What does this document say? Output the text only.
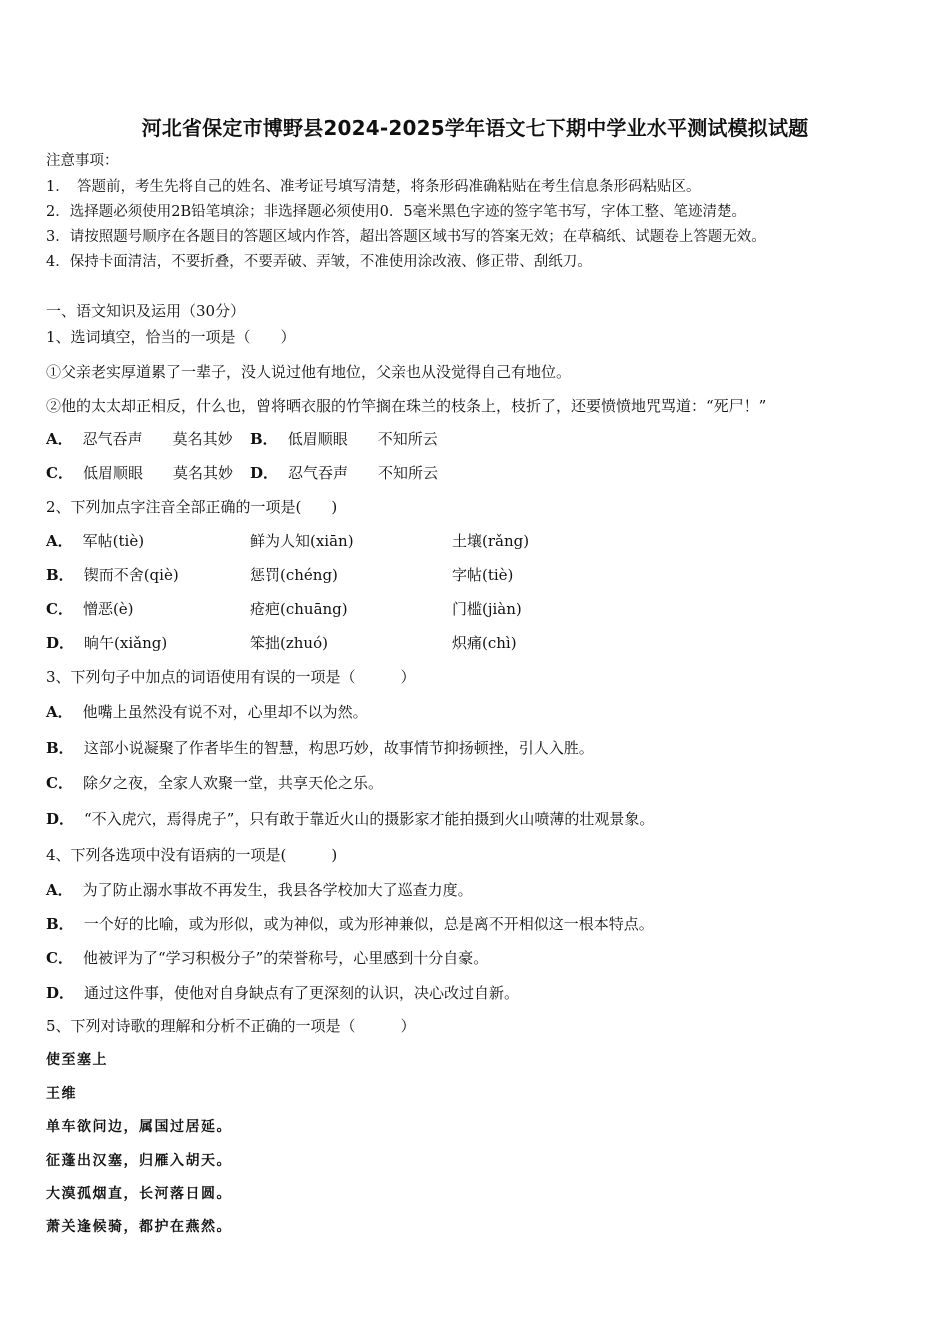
河北省保定市博野县2024-2025学年语文七下期中学业水平测试模拟试题
注意事项：
1．　答题前，考生先将自己的姓名、准考证号填写清楚，将条形码准确粘贴在考生信息条形码粘贴区。
2．选择题必须使用2B铅笔填涂；非选择题必须使用0．5毫米黑色字迹的签字笔书写，字体工整、笔迹清楚。
3．请按照题号顺序在各题目的答题区域内作答，超出答题区域书写的答案无效；在草稿纸、试题卷上答题无效。
4．保持卡面清洁，不要折叠，不要弄破、弄皱，不准使用涂改液、修正带、刮纸刀。
一、语文知识及运用（30分）
1、选词填空，恰当的一项是（　　）
①父亲老实厚道累了一辈子，没人说过他有地位，父亲也从没觉得自己有地位。
②他的太太却正相反，什么也，曾将晒衣服的竹竿搁在珠兰的枝条上，枝折了，还要愤愤地咒骂道：“死尸！”
A． 忍气吞声　　莫名其妙 B． 低眉顺眼　　不知所云
C． 低眉顺眼　　莫名其妙 D． 忍气吞声　　不知所云
2、下列加点字注音全部正确的一项是(　　)
A． 军帖(tiè)	鲜为人知(xiān)	土壤(rǎng)
B． 锲而不舍(qiè)	惩罚(chéng)	字帖(tiè)
C． 憎恶(è)	疮疤(chuāng)	门槛(jiàn)
D． 晌午(xiǎng)	笨拙(zhuó)	炽痛(chì)
3、下列句子中加点的词语使用有误的一项是（　　　）
A． 他嘴上虽然没有说不对，心里却不以为然。
B． 这部小说凝聚了作者毕生的智慧，构思巧妙，故事情节抑扬顿挫，引人入胜。
C． 除夕之夜，全家人欢聚一堂，共享天伦之乐。
D． “不入虎穴，焉得虎子”，只有敢于靠近火山的摄影家才能拍摄到火山喷薄的壮观景象。
4、下列各选项中没有语病的一项是(　　　)
A． 为了防止溺水事故不再发生，我县各学校加大了巡查力度。
B． 一个好的比喻，或为形似，或为神似，或为形神兼似，总是离不开相似这一根本特点。
C． 他被评为了“学习积极分子”的荣誉称号，心里感到十分自豪。
D． 通过这件事，使他对自身缺点有了更深刻的认识，决心改过自新。
5、下列对诗歌的理解和分析不正确的一项是（　　　）
使至塞上
王维
单车欲问边，属国过居延。
征蓬出汉塞，归雁入胡天。
大漠孤烟直，长河落日圆。
萧关逢候骑，都护在燕然。
